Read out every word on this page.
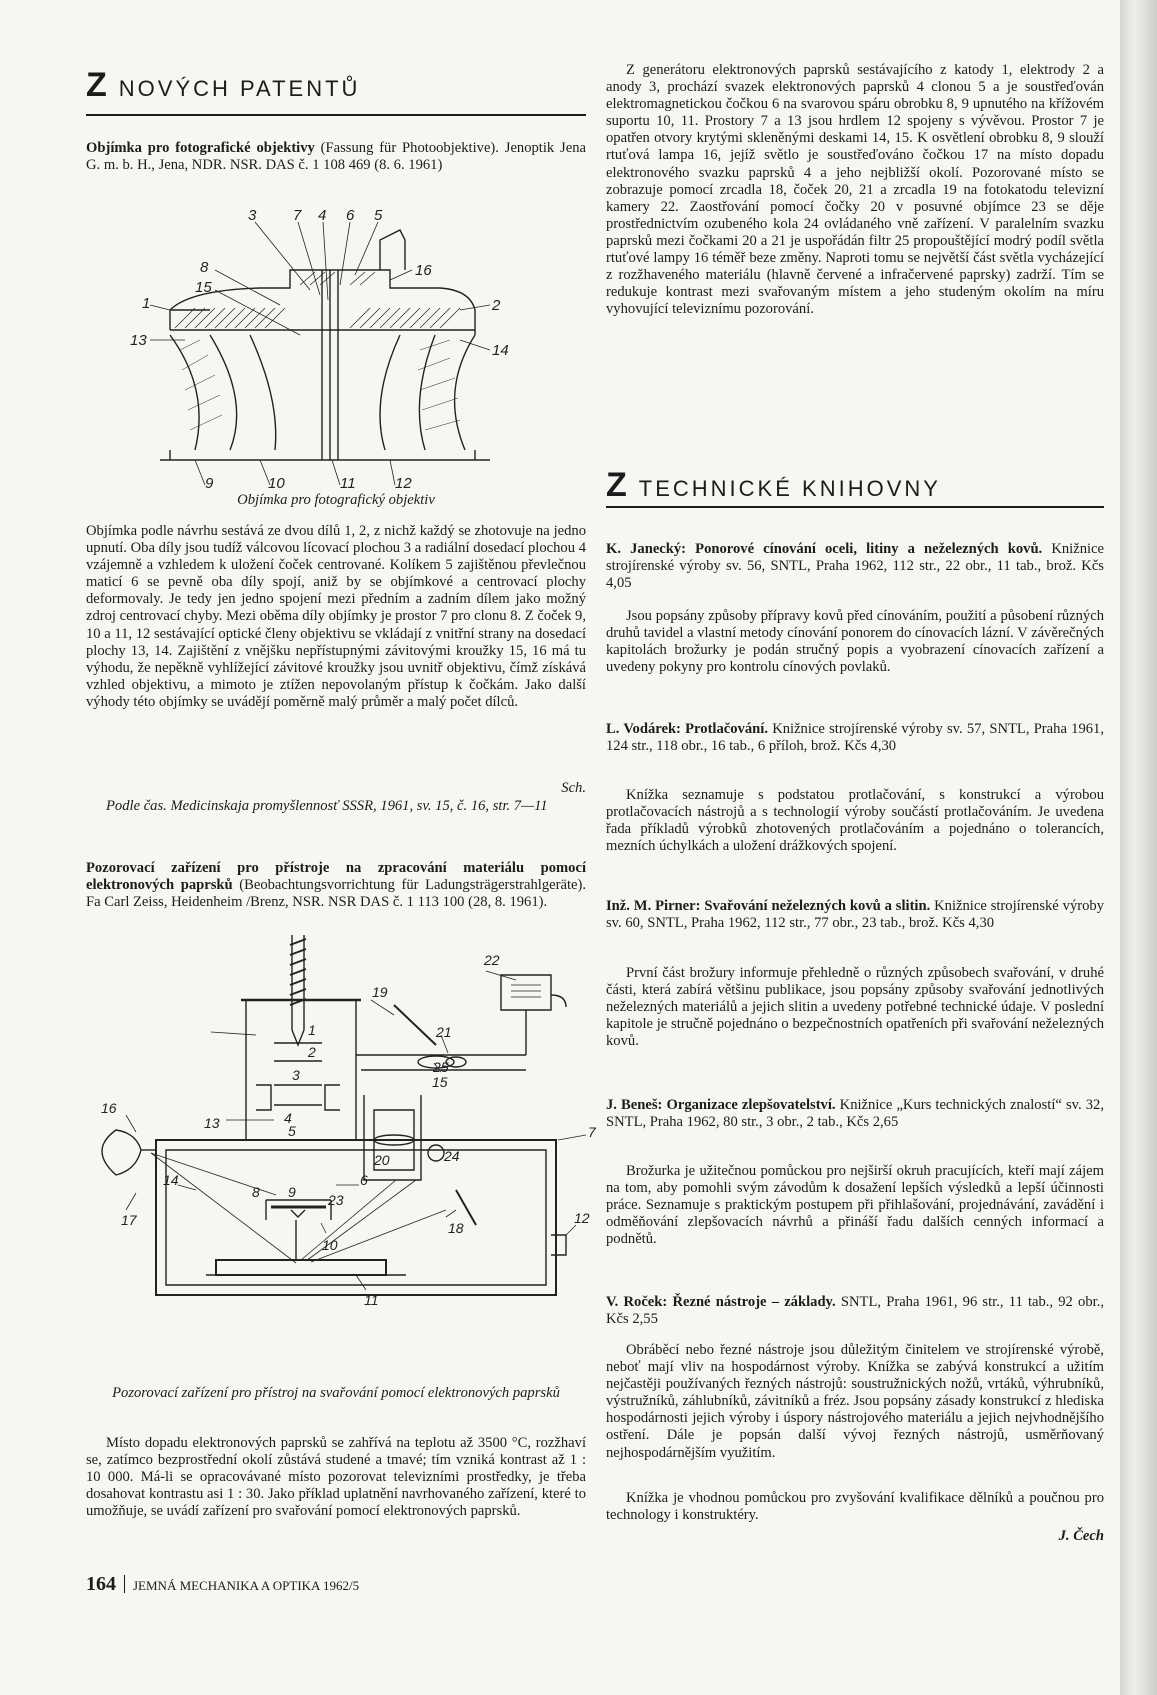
ZNOVÝCH PATENTŮ

Objímka pro fotografické objektivy (Fassung für Photoobjektive). Jenoptik Jena G. m. b. H., Jena, NDR. NSR. DAS č. 1 108 469 (8. 6. 1961)

3 7 4 6 5
8	16
15
1	2
13
14
9	10	11	12
Objímka pro fotografický objektiv

Objímka podle návrhu sestává ze dvou dílů 1, 2, z nichž každý se zhotovuje na jedno upnutí. Oba díly jsou tudíž válcovou lícovací plochou 3 a radiální dosedací plochou 4 vzájemně a vzhledem k uložení čoček centrované. Kolíkem 5 zajištěnou převlečnou maticí 6 se pevně oba díly spojí, aniž by se objímkové a centrovací plochy deformovaly. Je tedy jen jedno spojení mezi předním a zadním dílem jako možný zdroj centrovací chyby. Mezi oběma díly objímky je prostor 7 pro clonu 8. Z čoček 9, 10 a 11, 12 sestávající optické členy objektivu se vkládají z vnitřní strany na dosedací plochy 13, 14. Zajištění z vnějšku nepřístupnými závitovými kroužky 15, 16 má tu výhodu, že nepěkně vyhlížející závitové kroužky jsou uvnitř objektivu, čímž získává vzhled objektivu, a mimoto je ztížen nepovolaným přístup k čočkám. Jako další výhody této objímky se uvádějí poměrně malý průměr a malý počet dílců.

Sch.

Podle čas. Medicinskaja promyšlennosť SSSR, 1961, sv. 15, č. 16, str. 7—11

Pozorovací zařízení pro přístroje na zpracování materiálu pomocí elektronových paprsků (Beobachtungsvorrichtung für Ladungsträgerstrahlgeräte). Fa Carl Zeiss, Heidenheim /Brenz, NSR. NSR DAS č. 1 113 100 (28, 8. 1961).

22
1
2
19
3
21
13	4
25
5
15
7
16
20	24
14	6
23
8 9
12
18
17
10
11
Pozorovací zařízení pro přístroj na svařování pomocí elektronových paprsků

Místo dopadu elektronových paprsků se zahřívá na teplotu až 3500 °C, rozžhaví se, zatímco bezprostřední okolí zůstává studené a tmavé; tím vzniká kontrast až 1 : 10 000. Má-li se opracovávané místo pozorovat televizními prostředky, je třeba dosahovat kontrastu asi 1 : 30. Jako příklad uplatnění navrhovaného zařízení, které to umožňuje, se uvádí zařízení pro svařování pomocí elektronových paprsků.

Z generátoru elektronových paprsků sestávajícího z katody 1, elektrody 2 a anody 3, prochází svazek elektronových paprsků 4 clonou 5 a je soustřeďován elektromagnetickou čočkou 6 na svarovou spáru obrobku 8, 9 upnutého na křížovém suportu 10, 11. Prostory 7 a 13 jsou hrdlem 12 spojeny s vývěvou. Prostor 7 je opatřen otvory krytými skleněnými deskami 14, 15. K osvětlení obrobku 8, 9 slouží rtuťová lampa 16, jejíž světlo je soustřeďováno čočkou 17 na místo dopadu elektronového svazku paprsků 4 a jeho nejbližší okolí. Pozorované místo se zobrazuje pomocí zrcadla 18, čoček 20, 21 a zrcadla 19 na fotokatodu televizní kamery 22. Zaostřování pomocí čočky 20 v posuvné objímce 23 se děje prostřednictvím ozubeného kola 24 ovládaného vně zařízení. V paralelním svazku paprsků mezi čočkami 20 a 21 je uspořádán filtr 25 propouštějící modrý podíl světla rtuťové lampy 16 téměř beze změny. Naproti tomu se největší část světla vycházející z rozžhaveného materiálu (hlavně červené a infračervené paprsky) zadrží. Tím se redukuje kontrast mezi svařovaným místem a jeho studeným okolím na míru vyhovující televiznímu pozorování.

ZTECHNICKÉ KNIHOVNY

K. Janecký: Ponorové cínování oceli, litiny a neželezných kovů. Knižnice strojírenské výroby sv. 56, SNTL, Praha 1962, 112 str., 22 obr., 11 tab., brož. Kčs 4,05

Jsou popsány způsoby přípravy kovů před cínováním, použití a působení různých druhů tavidel a vlastní metody cínování ponorem do cínovacích lázní. V závěrečných kapitolách brožurky je podán stručný popis a vyobrazení cínovacích zařízení a uvedeny pokyny pro kontrolu cínových povlaků.

L. Vodárek: Protlačování. Knižnice strojírenské výroby sv. 57, SNTL, Praha 1961, 124 str., 118 obr., 16 tab., 6 příloh, brož. Kčs 4,30

Knížka seznamuje s podstatou protlačování, s konstrukcí a výrobou protlačovacích nástrojů a s technologií výroby součástí protlačováním. Je uvedena řada příkladů výrobků zhotovených protlačováním a pojednáno o tolerancích, mezních úchylkách a uložení drážkových spojení.

Inž. M. Pirner: Svařování neželezných kovů a slitin. Knižnice strojírenské výroby sv. 60, SNTL, Praha 1962, 112 str., 77 obr., 23 tab., brož. Kčs 4,30

První část brožury informuje přehledně o různých způsobech svařování, v druhé části, která zabírá většinu publikace, jsou popsány způsoby svařování jednotlivých neželezných materiálů a jejich slitin a uvedeny potřebné technické údaje. V poslední kapitole je stručně pojednáno o bezpečnostních opatřeních při svařování neželezných kovů.

J. Beneš: Organizace zlepšovatelství. Knižnice „Kurs technických znalostí“ sv. 32, SNTL, Praha 1962, 80 str., 3 obr., 2 tab., Kčs 2,65

Brožurka je užitečnou pomůckou pro nejširší okruh pracujících, kteří mají zájem na tom, aby pomohli svým závodům k dosažení lepších výsledků a lepší účinnosti práce. Seznamuje s praktickým postupem při přihlašování, projednávání, zavádění i odměňování zlepšovacích návrhů a přináší řadu dalších cenných informací a podnětů.

V. Roček: Řezné nástroje – základy. SNTL, Praha 1961, 96 str., 11 tab., 92 obr., Kčs 2,55

Obráběcí nebo řezné nástroje jsou důležitým činitelem ve strojírenské výrobě, neboť mají vliv na hospodárnost výroby. Knížka se zabývá konstrukcí a užitím nejčastěji používaných řezných nástrojů: soustružnických nožů, vrtáků, výhrubníků, výstružníků, záhlubníků, závitníků a fréz. Jsou popsány zásady konstrukcí z hlediska hospodárnosti jejich výroby i úspory nástrojového materiálu a jejich nejvhodnějšího ostření. Dále je popsán další vývoj řezných nástrojů, usměrňovaný nejhospodárnějším využitím.

Knížka je vhodnou pomůckou pro zvyšování kvalifikace dělníků a poučnou pro technology i konstruktéry.

J. Čech
164 JEMNÁ MECHANIKA A OPTIKA 1962/5
